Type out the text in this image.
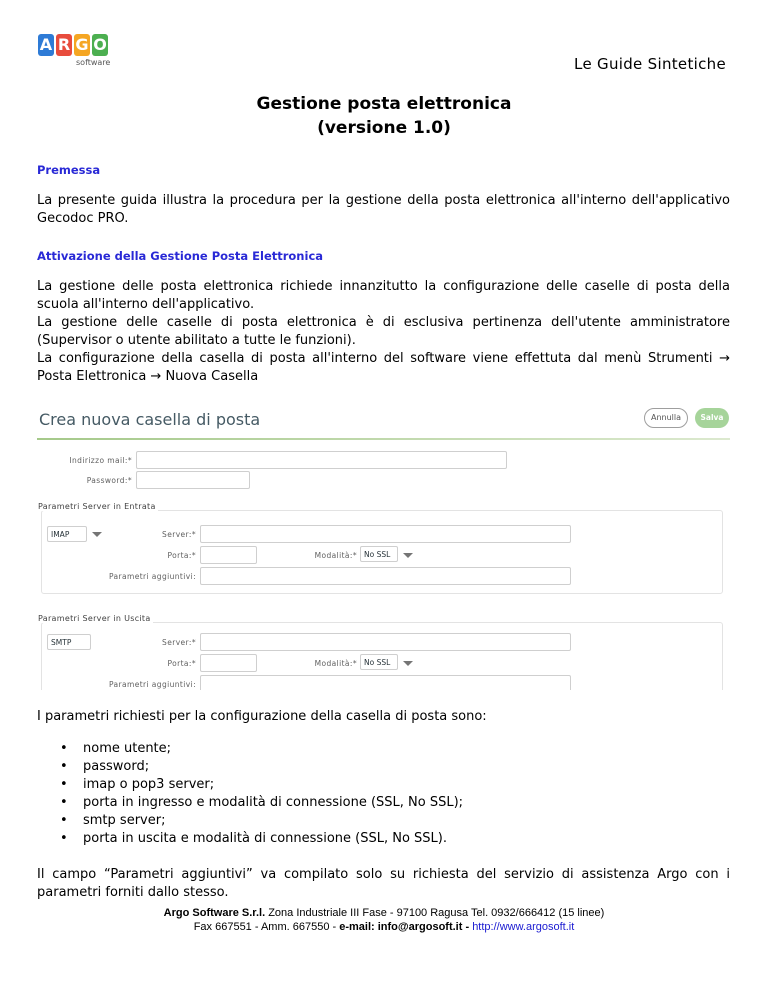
A R G O
software	Le Guide Sintetiche
Gestione posta elettronica
(versione 1.0)
Premessa
La presente guida illustra la procedura per la gestione della posta elettronica all'interno dell'applicativo Gecodoc PRO.
Attivazione della Gestione Posta Elettronica
La gestione delle posta elettronica richiede innanzitutto la configurazione delle caselle di posta della scuola all'interno dell'applicativo.
La gestione delle caselle di posta elettronica è di esclusiva pertinenza dell'utente amministratore (Supervisor o utente abilitato a tutte le funzioni).
La configurazione della casella di posta all'interno del software viene effettuta dal menù Strumenti → Posta Elettronica → Nuova Casella
Crea nuova casella di posta	Annulla	Salva
Indirizzo mail:*
Password:*
Parametri Server in Entrata
IMAP	Server:*
Porta:*	Modalità:* No SSL
Parametri aggiuntivi:
Parametri Server in Uscita
SMTP	Server:*
Porta:*	Modalità:* No SSL
Parametri aggiuntivi:
I parametri richiesti per la configurazione della casella di posta sono:
• nome utente;
• password;
• imap o pop3 server;
• porta in ingresso e modalità di connessione (SSL, No SSL);
• smtp server;
• porta in uscita e modalità di connessione (SSL, No SSL).
Il campo “Parametri aggiuntivi” va compilato solo su richiesta del servizio di assistenza Argo con i parametri forniti dallo stesso.
Argo Software S.r.l. Zona Industriale III Fase - 97100 Ragusa Tel. 0932/666412 (15 linee)
Fax 667551 - Amm. 667550 - e-mail: info@argosoft.it - http://www.argosoft.it
